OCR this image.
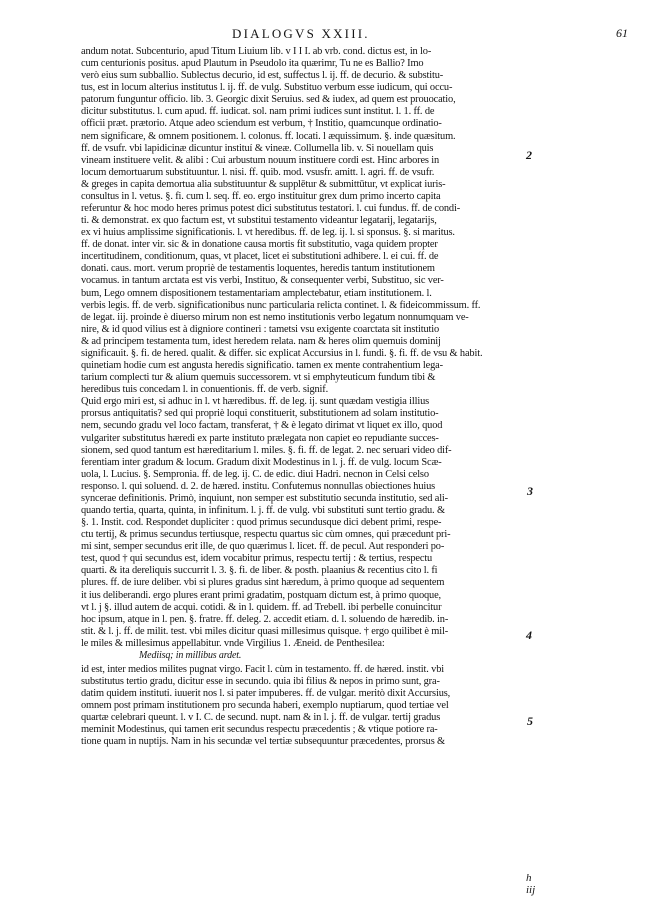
DIALOGVS XXIII.	61
andum notat. Subcenturio, apud Titum Liuium lib. v I I I. ab vrb. cond. dictus est, in lo-
cum centurionis positus. apud Plautum in Pseudolo ita quærimr, Tu ne es Ballio? Imo
verò eius sum subballio. Sublectus decurio, id est, suffectus l. ij. ff. de decurio. & substitu-
tus, est in locum alterius institutus l. ij. ff. de vulg. Substituo verbum esse iudicum, qui occu-
patorum funguntur officio. lib. 3. Georgic dixit Seruius. sed & iudex, ad quem est prouocatio,
dicitur substitutus. l. cum apud. ff. iudicat. sol. nam primi iudices sunt institut. l. 1. ff. de
officii præt. prætorio. Atque adeo sciendum est verbum, † Institio, quamcunque ordinatio-
nem significare, & omnem positionem. l. colonus. ff. locati. l æquissimum. §. inde quæsitum.
ff. de vsufr. vbi lapidicinæ dicuntur instituí & vineæ. Collumella lib. v. Si nouellam quis
vineam instituere velit. & alibi : Cui arbustum nouum instituere cordi est. Hinc arbores in
locum demortuarum substituuntur. l. nisi. ff. quib. mod. vsusfr. amitt. l. agri. ff. de vsufr.
& greges in capita demortua alia substituuntur & supplētur & submittūtur, vt explicat iuris-
consultus in l. vetus. §. fi. cum l. seq. ff. eo. ergo instituitur grex dum primo incerto capita
referuntur & hoc modo heres primus potest dici substitutus testatori. l. cui fundus. ff. de condi-
ti. & demonstrat. ex quo factum est, vt substitui testamento videantur legatarij, legatarijs,
ex vi huius amplissime significationis. l. vt heredibus. ff. de leg. ij. l. si sponsus. §. si maritus.
ff. de donat. inter vir. sic & in donatione causa mortis fit substitutio, vaga quidem propter
incertitudinem, conditionum, quas, vt placet, licet ei substitutioni adhibere. l. ei cui. ff. de
donati. caus. mort. verum propriè de testamentis loquentes, heredis tantum institutionem
vocamus. in tantum arctata est vis verbi, Instituo, & consequenter verbi, Substituo, sic ver-
bum, Lego omnem dispositionem testamentariam amplectebatur, etiam institutionem. l.
verbis legis. ff. de verb. significationibus nunc particularia relicta continet. l. & fideicommissum. ff.
de legat. iij. proinde è diuerso mirum non est nemo institutionis verbo legatum nonnumquam ve-
nire, & id quod vilius est à digniore contineri : tametsi vsu exigente coarctata sit institutio
& ad principem testamenta tum, idest heredem relata. nam & heres olim quemuis dominij
significauit. §. fi. de hered. qualit. & differ. sic explicat Accursius in l. fundi. §. fi. ff. de vsu & habit.
quinetiam hodie cum est angusta heredis significatio. tamen ex mente contrahentium lega-
tarium complecti tur & alium quemuis successorem. vt si emphyteuticum fundum tibi &
heredibus tuis concedam l. in conuentionis. ff. de verb. signif.
Quid ergo miri est, si adhuc in l. vt hæredibus. ff. de leg. ij. sunt quædam vestigia illius
prorsus antiquitatis? sed qui propriè loqui constituerit, substitutionem ad solam institutio-
nem, secundo gradu vel loco factam, transferat, † & è legato dirimat vt liquet ex illo, quod
vulgariter substitutus hæredi ex parte instituto prælegata non capiet eo repudiante succes-
sionem, sed quod tantum est hæreditarium l. miles. §. fi. ff. de legat. 2. nec seruari video dif-
ferentiam inter gradum & locum. Gradum dixit Modestinus in l. j. ff. de vulg. locum Scæ-
uola, l. Lucius. §. Sempronia. ff. de leg. ij. C. de edic. diui Hadri. necnon in Celsi celso
responso. l. qui soluend. d. 2. de hæred. institu. Confutemus nonnullas obiectiones huius
syncerae definitionis. Primò, inquiunt, non semper est substitutio secunda institutio, sed ali-
quando tertia, quarta, quinta, in infinitum. l. j. ff. de vulg. vbi substituti sunt tertio gradu. &
§. 1. Instit. cod. Respondet dupliciter : quod primus secundusque dici debent primi, respe-
ctu tertij, & primus secundus tertiusque, respectu quartus sic cùm omnes, qui præcedunt pri-
mi sint, semper secundus erit ille, de quo quærimus l. licet. ff. de pecul. Aut responderi po-
test, quod † qui secundus est, idem vocabitur primus, respectu tertij : & tertius, respectu
quarti. & ita dereliquis succurrit l. 3. §. fi. de liber. & posth. plaanius & recentius cito l. fi
plures. ff. de iure deliber. vbi si plures gradus sint hæredum, à primo quoque ad sequentem
it ius deliberandi. ergo plures erant primi gradatim, postquam dictum est, à primo quoque,
vt l. j §. illud autem de acqui. cotidi. & in l. quidem. ff. ad Trebell. ibi perbelle conuincitur
hoc ipsum, atque in l. pen. §. fratre. ff. deleg. 2. accedit etiam. d. l. soluendo de hæredib. in-
stit. & l. j. ff. de milit. test. vbi miles dicitur quasi millesimus quisque. † ergo quilibet è mil-
le miles & millesimus appellabitur. vnde Virgilius 1. Æneid. de Penthesilea:
Mediisq; in millibus ardet.
id est, inter medios milites pugnat virgo. Facit l. cùm in testamento. ff. de hæred. instit. vbi
substitutus tertio gradu, dicitur esse in secundo. quia ibi filius & nepos in primo sunt, gra-
datim quidem instituti. iuuerit nos l. si pater impuberes. ff. de vulgar. meritò dixit Accursius,
omnem post primam institutionem pro secunda haberi, exemplo nuptiarum, quod tertiae vel
quartæ celebrari queunt. l. v I. C. de secund. nupt. nam & in l. j. ff. de vulgar. tertij gradus
meminit Modestinus, qui tamen erit secundus respectu præcedentis ; & vtique potiore ra-
tione quam in nuptijs. Nam in his secundæ vel tertiæ subsequuntur præcedentes, prorsus &
2
3
4
5
h iij
